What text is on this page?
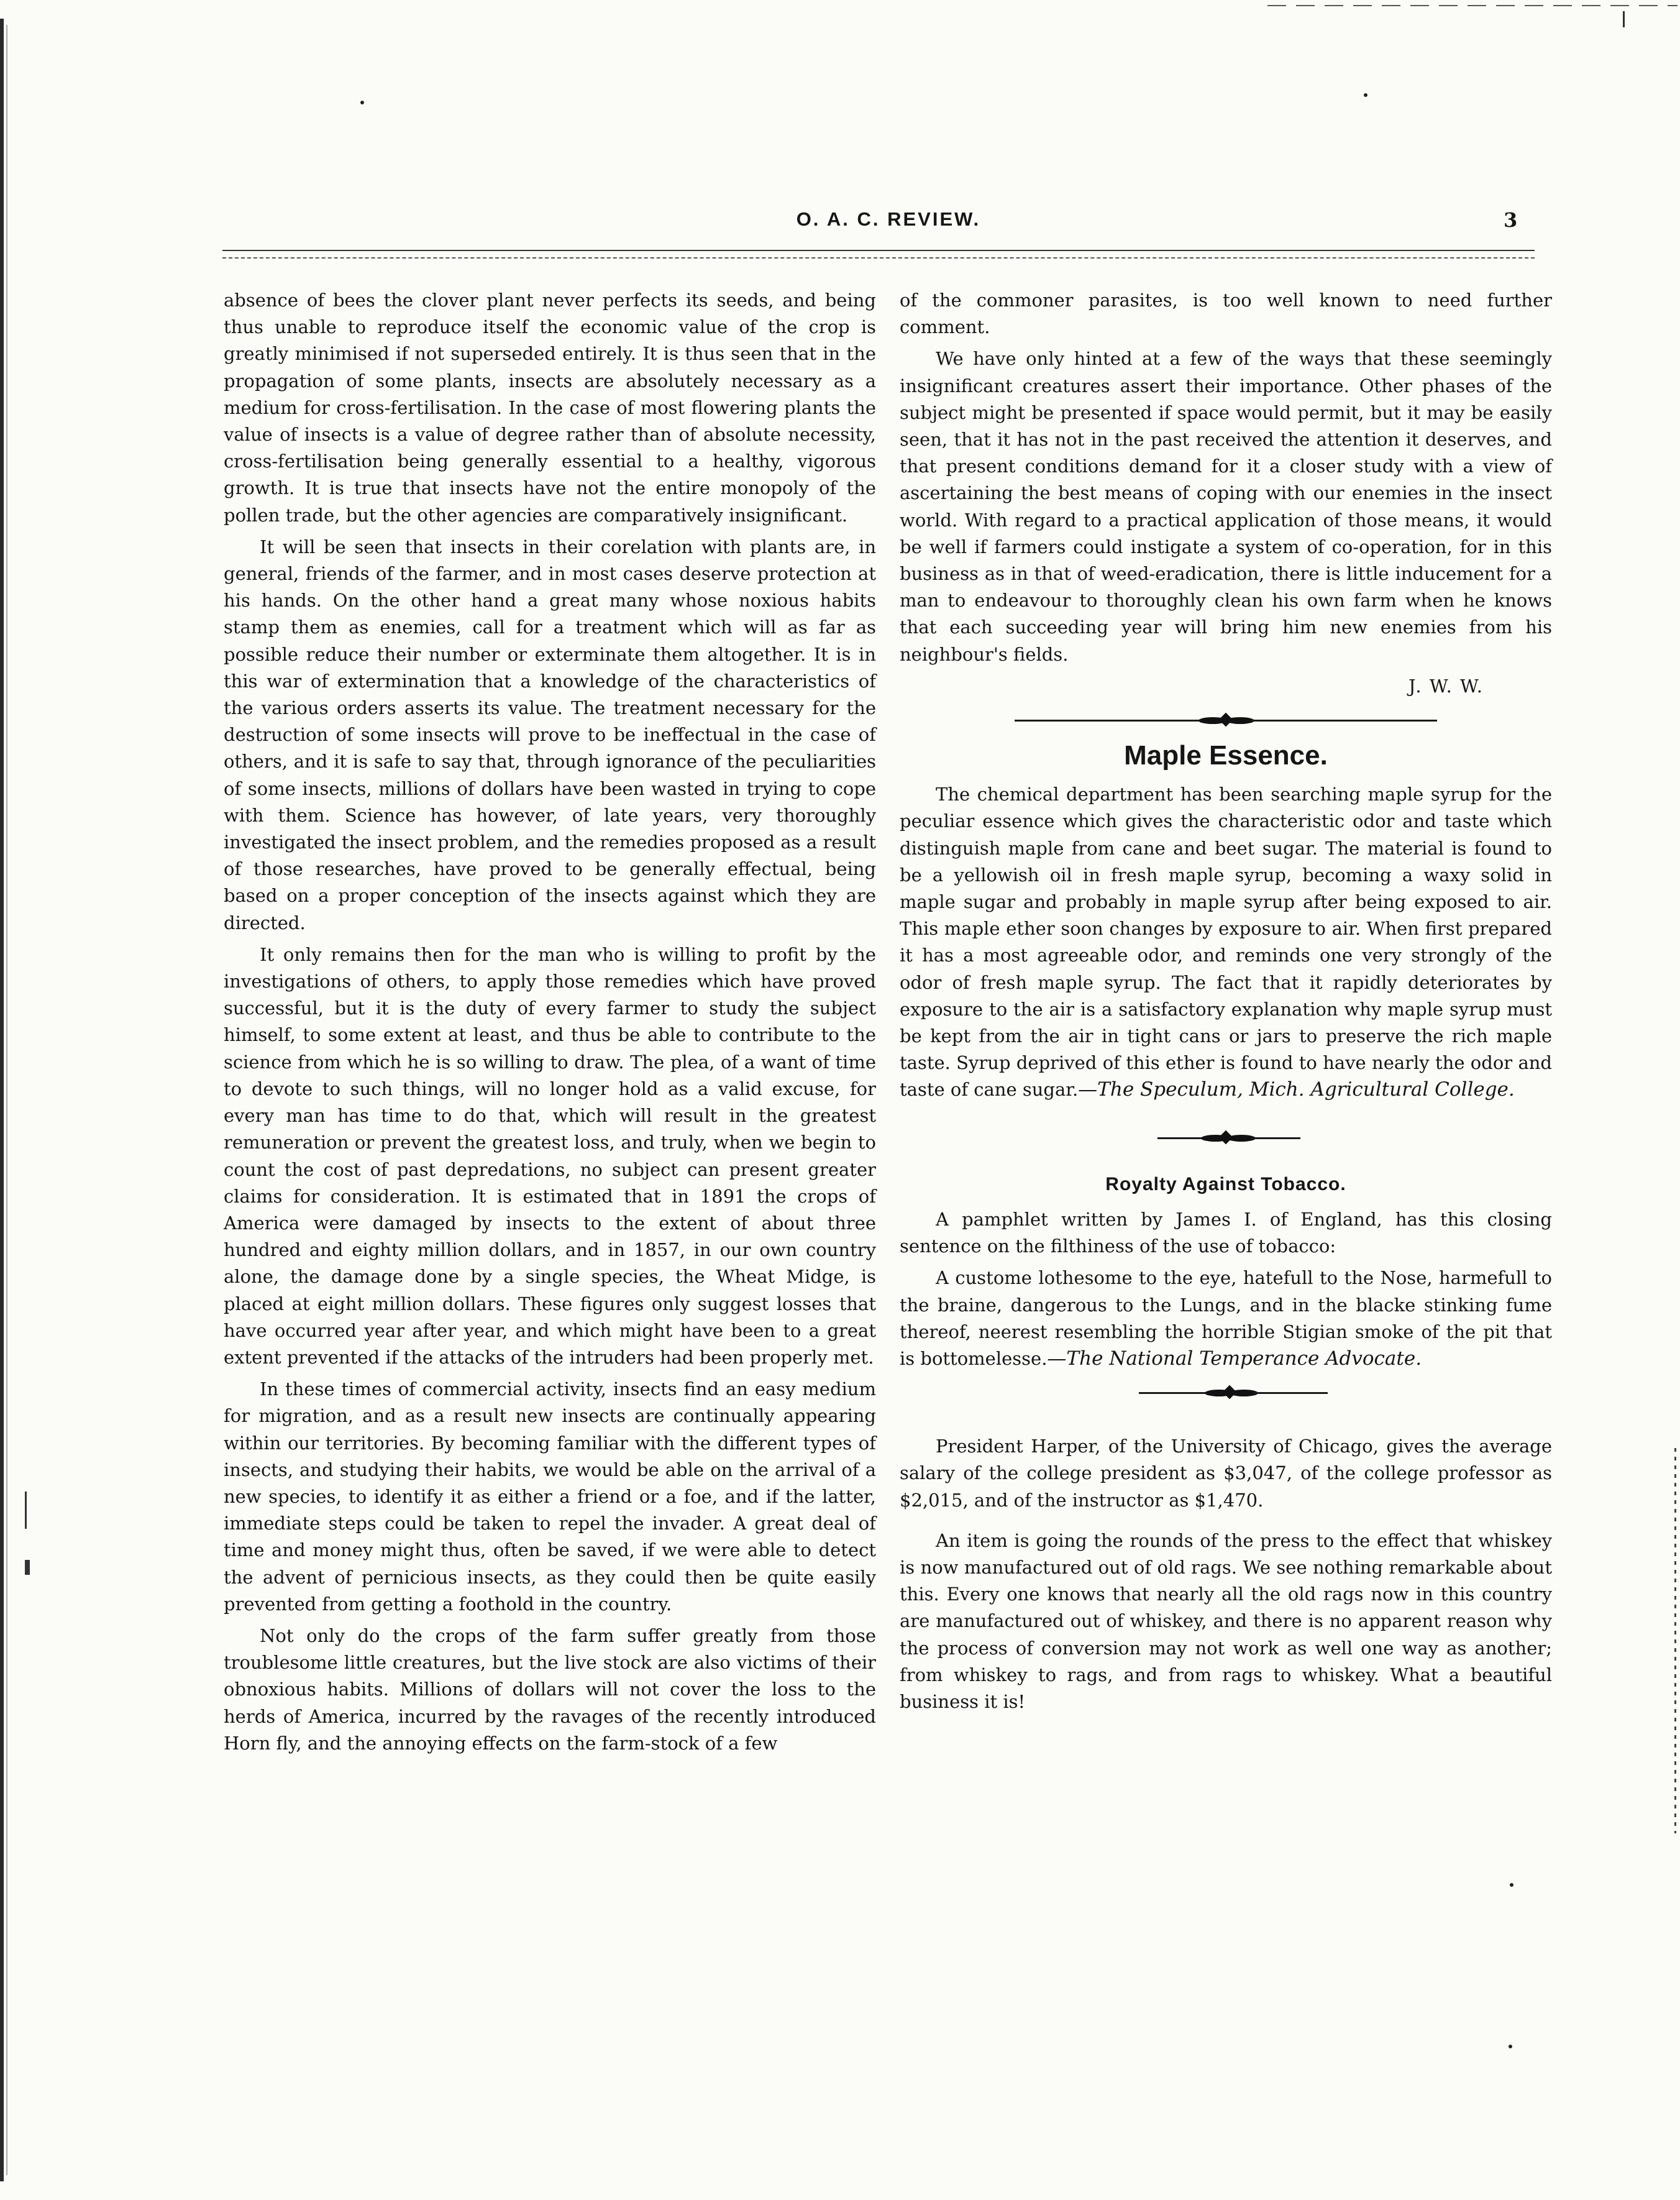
O. A. C. REVIEW.	3

absence of bees the clover plant never perfects its seeds, and being thus unable to reproduce itself the economic value of the crop is greatly minimised if not superseded entirely. It is thus seen that in the propagation of some plants, insects are absolutely necessary as a medium for cross-fertilisation. In the case of most flowering plants the value of insects is a value of degree rather than of absolute necessity, cross-fertilisation being generally essential to a healthy, vigorous growth. It is true that insects have not the entire monopoly of the pollen trade, but the other agencies are comparatively insignificant.

It will be seen that insects in their corelation with plants are, in general, friends of the farmer, and in most cases deserve protection at his hands. On the other hand a great many whose noxious habits stamp them as enemies, call for a treatment which will as far as possible reduce their number or exterminate them altogether. It is in this war of extermination that a knowledge of the characteristics of the various orders asserts its value. The treatment necessary for the destruction of some insects will prove to be ineffectual in the case of others, and it is safe to say that, through ignorance of the peculiarities of some insects, millions of dollars have been wasted in trying to cope with them. Science has however, of late years, very thoroughly investigated the insect problem, and the remedies proposed as a result of those researches, have proved to be generally effectual, being based on a proper conception of the insects against which they are directed.

It only remains then for the man who is willing to profit by the investigations of others, to apply those remedies which have proved successful, but it is the duty of every farmer to study the subject himself, to some extent at least, and thus be able to contribute to the science from which he is so willing to draw. The plea, of a want of time to devote to such things, will no longer hold as a valid excuse, for every man has time to do that, which will result in the greatest remuneration or prevent the greatest loss, and truly, when we begin to count the cost of past depredations, no subject can present greater claims for consideration. It is estimated that in 1891 the crops of America were damaged by insects to the extent of about three hundred and eighty million dollars, and in 1857, in our own country alone, the damage done by a single species, the Wheat Midge, is placed at eight million dollars. These figures only suggest losses that have occurred year after year, and which might have been to a great extent prevented if the attacks of the intruders had been properly met.

In these times of commercial activity, insects find an easy medium for migration, and as a result new insects are continually appearing within our territories. By becoming familiar with the different types of insects, and studying their habits, we would be able on the arrival of a new species, to identify it as either a friend or a foe, and if the latter, immediate steps could be taken to repel the invader. A great deal of time and money might thus, often be saved, if we were able to detect the advent of pernicious insects, as they could then be quite easily prevented from getting a foothold in the country.

Not only do the crops of the farm suffer greatly from those troublesome little creatures, but the live stock are also victims of their obnoxious habits. Millions of dollars will not cover the loss to the herds of America, incurred by the ravages of the recently introduced Horn fly, and the annoying effects on the farm-stock of a few

of the commoner parasites, is too well known to need further comment.

We have only hinted at a few of the ways that these seemingly insignificant creatures assert their importance. Other phases of the subject might be presented if space would permit, but it may be easily seen, that it has not in the past received the attention it deserves, and that present conditions demand for it a closer study with a view of ascertaining the best means of coping with our enemies in the insect world. With regard to a practical application of those means, it would be well if farmers could instigate a system of co-operation, for in this business as in that of weed-eradication, there is little inducement for a man to endeavour to thoroughly clean his own farm when he knows that each succeeding year will bring him new enemies from his neighbour's fields.

J. W. W.

Maple Essence.

The chemical department has been searching maple syrup for the peculiar essence which gives the characteristic odor and taste which distinguish maple from cane and beet sugar. The material is found to be a yellowish oil in fresh maple syrup, becoming a waxy solid in maple sugar and probably in maple syrup after being exposed to air. This maple ether soon changes by exposure to air. When first prepared it has a most agreeable odor, and reminds one very strongly of the odor of fresh maple syrup. The fact that it rapidly deteriorates by exposure to the air is a satisfactory explanation why maple syrup must be kept from the air in tight cans or jars to preserve the rich maple taste. Syrup deprived of this ether is found to have nearly the odor and taste of cane sugar.—The Speculum, Mich. Agricultural College.

Royalty Against Tobacco.

A pamphlet written by James I. of England, has this closing sentence on the filthiness of the use of tobacco:

A custome lothesome to the eye, hatefull to the Nose, harmefull to the braine, dangerous to the Lungs, and in the blacke stinking fume thereof, neerest resembling the horrible Stigian smoke of the pit that is bottomelesse.—The National Temperance Advocate.

President Harper, of the University of Chicago, gives the average salary of the college president as $3,047, of the college professor as $2,015, and of the instructor as $1,470.

An item is going the rounds of the press to the effect that whiskey is now manufactured out of old rags. We see nothing remarkable about this. Every one knows that nearly all the old rags now in this country are manufactured out of whiskey, and there is no apparent reason why the process of conversion may not work as well one way as another; from whiskey to rags, and from rags to whiskey. What a beautiful business it is!
